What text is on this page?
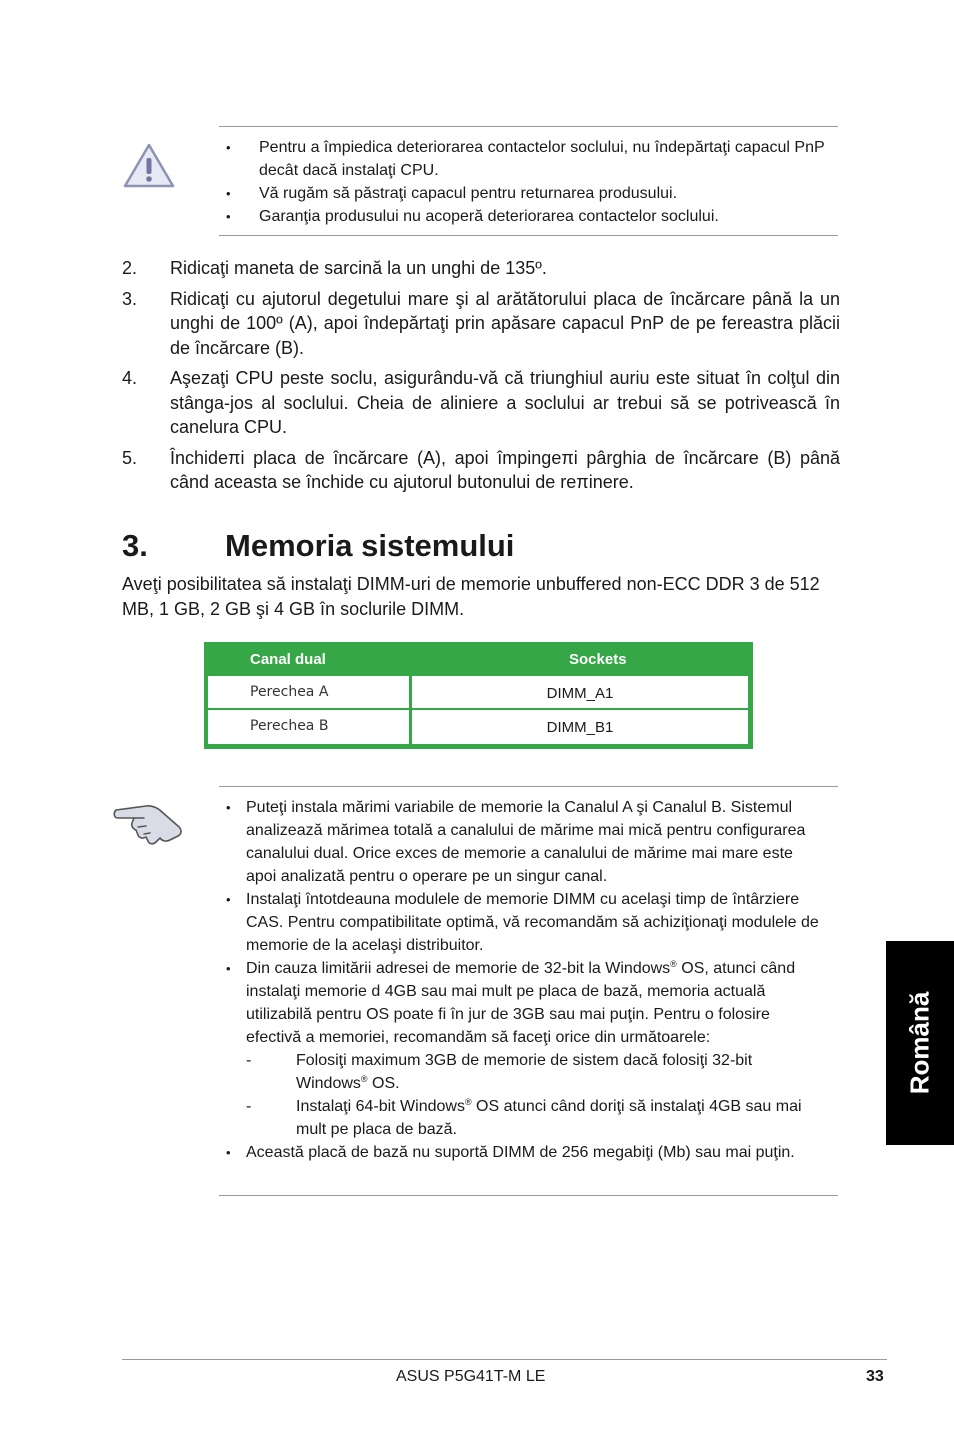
• Pentru a împiedica deteriorarea contactelor soclului, nu îndepărtaţi capacul PnP decât dacă instalaţi CPU.
• Vă rugăm să păstraţi capacul pentru returnarea produsului.
• Garanţia produsului nu acoperă deteriorarea contactelor soclului.
2. Ridicaţi maneta de sarcină la un unghi de 135º.
3. Ridicaţi cu ajutorul degetului mare şi al arătătorului placa de încărcare până la un unghi de 100º (A), apoi îndepărtaţi prin apăsare capacul PnP de pe fereastra plăcii de încărcare (B).
4. Aşezaţi CPU peste soclu, asigurându-vă că triunghiul auriu este situat în colţul din stânga-jos al soclului. Cheia de aliniere a soclului ar trebui să se potrivească în canelura CPU.
5. Închideπi placa de încărcare (A), apoi împingeπi pârghia de încărcare (B) până când aceasta se închide cu ajutorul butonului de reπinere.
3. Memoria sistemului
Aveţi posibilitatea să instalaţi DIMM-uri de memorie unbuffered non-ECC DDR 3 de 512 MB, 1 GB, 2 GB şi 4 GB în soclurile DIMM.
Canal dual	Sockets
Perechea A	DIMM_A1
Perechea B	DIMM_B1
• Puteţi instala mărimi variabile de memorie la Canalul A şi Canalul B. Sistemul analizează mărimea totală a canalului de mărime mai mică pentru configurarea canalului dual. Orice exces de memorie a canalului de mărime mai mare este apoi analizată pentru o operare pe un singur canal.
• Instalaţi întotdeauna modulele de memorie DIMM cu acelaşi timp de întârziere CAS. Pentru compatibilitate optimă, vă recomandăm să achiziţionaţi modulele de memorie de la acelaşi distribuitor.
• Din cauza limitării adresei de memorie de 32-bit la Windows® OS, atunci când instalaţi memorie d 4GB sau mai mult pe placa de bază, memoria actuală utilizabilă pentru OS poate fi în jur de 3GB sau mai puţin. Pentru o folosire efectivă a memoriei, recomandăm să faceţi orice din următoarele:
- Folosiţi maximum 3GB de memorie de sistem dacă folosiţi 32-bit Windows® OS.
- Instalaţi 64-bit Windows® OS atunci când doriţi să instalaţi 4GB sau mai mult pe placa de bază.
• Această placă de bază nu suportă DIMM de 256 megabiţi (Mb) sau mai puţin.
Română
ASUS P5G41T-M LE	33
